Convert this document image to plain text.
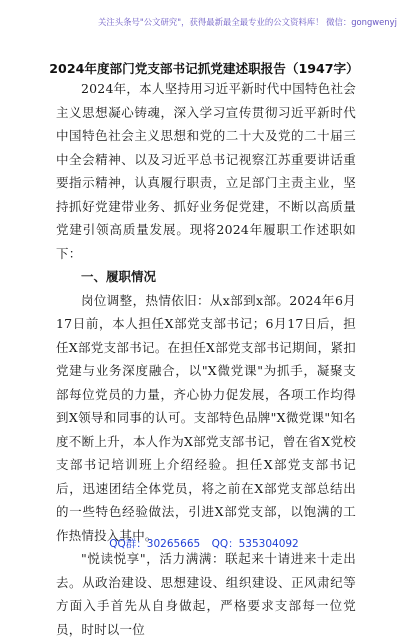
关注头条号"公文研究"，获得最新最全最专业的公文资料库！ 微信：gongwenyj
2024年度部门党支部书记抓党建述职报告（1947字）

2024年，本人坚持用习近平新时代中国特色社会主义思想凝心铸魂，深入学习宣传贯彻习近平新时代中国特色社会主义思想和党的二十大及党的二十届三中全会精神、以及习近平总书记视察江苏重要讲话重要指示精神，认真履行职责，立足部门主责主业，坚持抓好党建带业务、抓好业务促党建，不断以高质量党建引领高质量发展。现将2024年履职工作述职如下：

一、履职情况

岗位调整，热情依旧：从x部到x部。2024年6月17日前，本人担任X部党支部书记；6月17日后，担任X部党支部书记。在担任X部党支部书记期间，紧扣党建与业务深度融合，以"X微党课"为抓手，凝聚支部每位党员的力量，齐心协力促发展，各项工作均得到X领导和同事的认可。支部特色品牌"X微党课"知名度不断上升，本人作为X部党支部书记，曾在省X党校支部书记培训班上介绍经验。担任X部党支部书记后，迅速团结全体党员，将之前在X部党支部总结出的一些特色经验做法，引进X部党支部，以饱满的工作热情投入其中。

"悦读悦享"，活力满满：联起来十请进来十走出去。从政治建设、思想建设、组织建设、正风肃纪等方面入手首先从自身做起，严格要求支部每一位党员，时时以一位

QQ群：30265665 QQ：535304092
